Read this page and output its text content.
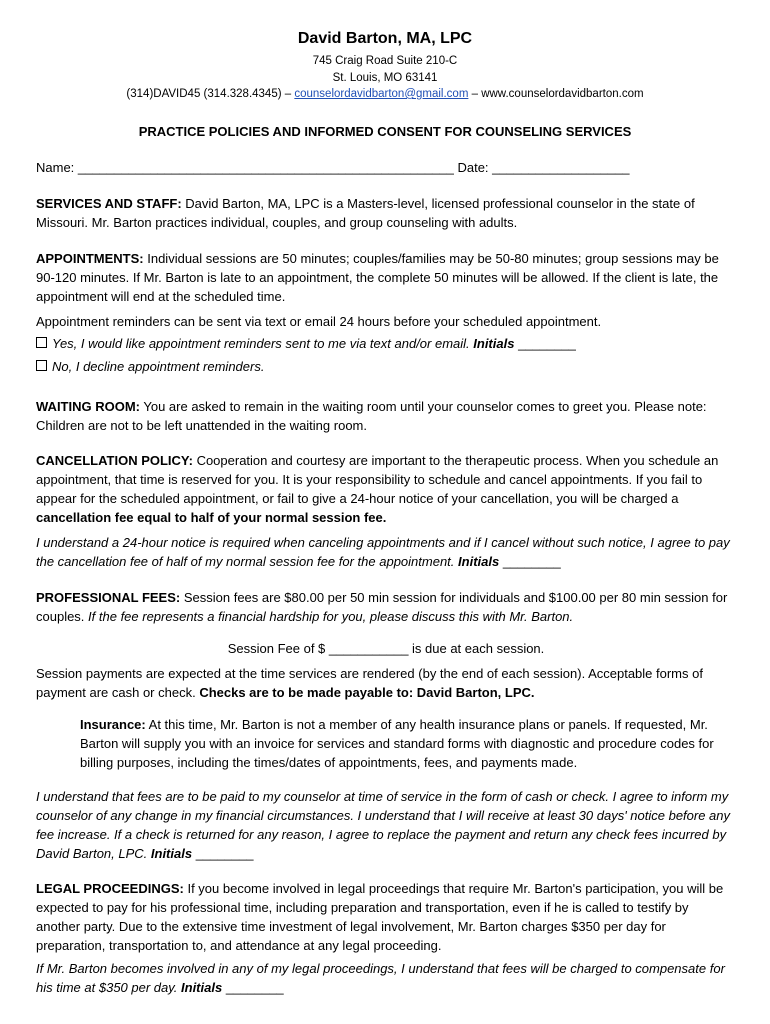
David Barton, MA, LPC
745 Craig Road Suite 210-C
St. Louis, MO 63141
(314)DAVID45 (314.328.4345) – counselordavidbarton@gmail.com – www.counselordavidbarton.com
PRACTICE POLICIES AND INFORMED CONSENT FOR COUNSELING SERVICES
Name: ____________________________________________________ Date: ___________________
SERVICES AND STAFF: David Barton, MA, LPC is a Masters-level, licensed professional counselor in the state of Missouri. Mr. Barton practices individual, couples, and group counseling with adults.
APPOINTMENTS: Individual sessions are 50 minutes; couples/families may be 50-80 minutes; group sessions may be 90-120 minutes. If Mr. Barton is late to an appointment, the complete 50 minutes will be allowed. If the client is late, the appointment will end at the scheduled time.
Appointment reminders can be sent via text or email 24 hours before your scheduled appointment.
Yes, I would like appointment reminders sent to me via text and/or email. Initials ________
No, I decline appointment reminders.
WAITING ROOM: You are asked to remain in the waiting room until your counselor comes to greet you. Please note: Children are not to be left unattended in the waiting room.
CANCELLATION POLICY: Cooperation and courtesy are important to the therapeutic process. When you schedule an appointment, that time is reserved for you. It is your responsibility to schedule and cancel appointments. If you fail to appear for the scheduled appointment, or fail to give a 24-hour notice of your cancellation, you will be charged a cancellation fee equal to half of your normal session fee.
I understand a 24-hour notice is required when canceling appointments and if I cancel without such notice, I agree to pay the cancellation fee of half of my normal session fee for the appointment. Initials ________
PROFESSIONAL FEES: Session fees are $80.00 per 50 min session for individuals and $100.00 per 80 min session for couples. If the fee represents a financial hardship for you, please discuss this with Mr. Barton.
Session Fee of $ ___________ is due at each session.
Session payments are expected at the time services are rendered (by the end of each session). Acceptable forms of payment are cash or check. Checks are to be made payable to: David Barton, LPC.
Insurance: At this time, Mr. Barton is not a member of any health insurance plans or panels. If requested, Mr. Barton will supply you with an invoice for services and standard forms with diagnostic and procedure codes for billing purposes, including the times/dates of appointments, fees, and payments made.
I understand that fees are to be paid to my counselor at time of service in the form of cash or check. I agree to inform my counselor of any change in my financial circumstances. I understand that I will receive at least 30 days' notice before any fee increase. If a check is returned for any reason, I agree to replace the payment and return any check fees incurred by David Barton, LPC. Initials ________
LEGAL PROCEEDINGS: If you become involved in legal proceedings that require Mr. Barton's participation, you will be expected to pay for his professional time, including preparation and transportation, even if he is called to testify by another party. Due to the extensive time investment of legal involvement, Mr. Barton charges $350 per day for preparation, transportation to, and attendance at any legal proceeding.
If Mr. Barton becomes involved in any of my legal proceedings, I understand that fees will be charged to compensate for his time at $350 per day. Initials ________
